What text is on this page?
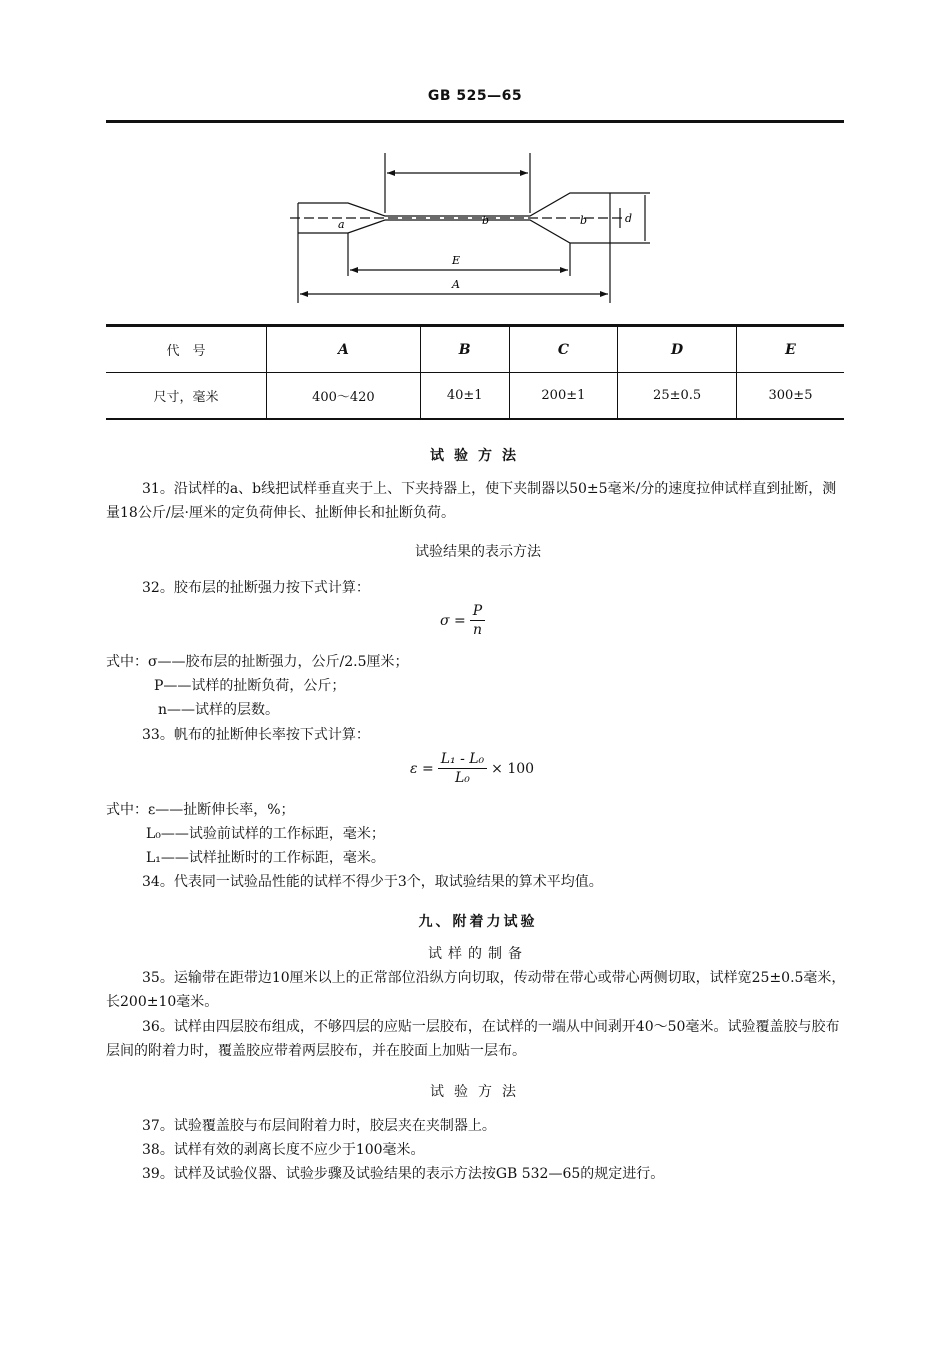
GB 525—65
a	b	b	d
E
A
代　号	A	B	C	D	E
尺寸，毫米	400～420	40±1	200±1	25±0.5	300±5
试验方法
31。沿试样的a、b线把试样垂直夹于上、下夹持器上，使下夹制器以50±5毫米/分的速度拉伸试样直到扯断，测量18公斤/层·厘米的定负荷伸长、扯断伸长和扯断负荷。
试验结果的表示方法
32。胶布层的扯断强力按下式计算：
$\sigma = \frac{P}{n}$
式中：σ——胶布层的扯断强力，公斤/2.5厘米；
P——试样的扯断负荷，公斤；
n——试样的层数。
33。帆布的扯断伸长率按下式计算：
$\varepsilon = \frac{\text{L₁ - L₀}}{\text{L₀}} \times 100$
式中：ε——扯断伸长率，%；
L₀——试验前试样的工作标距，毫米；
L₁——试样扯断时的工作标距，毫米。
34。代表同一试验品性能的试样不得少于3个，取试验结果的算术平均值。
九、附着力试验
试样的制备
35。运输带在距带边10厘米以上的正常部位沿纵方向切取，传动带在带心或带心两侧切取，试样宽25±0.5毫米，长200±10毫米。
36。试样由四层胶布组成，不够四层的应贴一层胶布，在试样的一端从中间剥开40～50毫米。试验覆盖胶与胶布层间的附着力时，覆盖胶应带着两层胶布，并在胶面上加贴一层布。
试验方法
37。试验覆盖胶与布层间附着力时，胶层夹在夹制器上。
38。试样有效的剥离长度不应少于100毫米。
39。试样及试验仪器、试验步骤及试验结果的表示方法按GB 532—65的规定进行。
